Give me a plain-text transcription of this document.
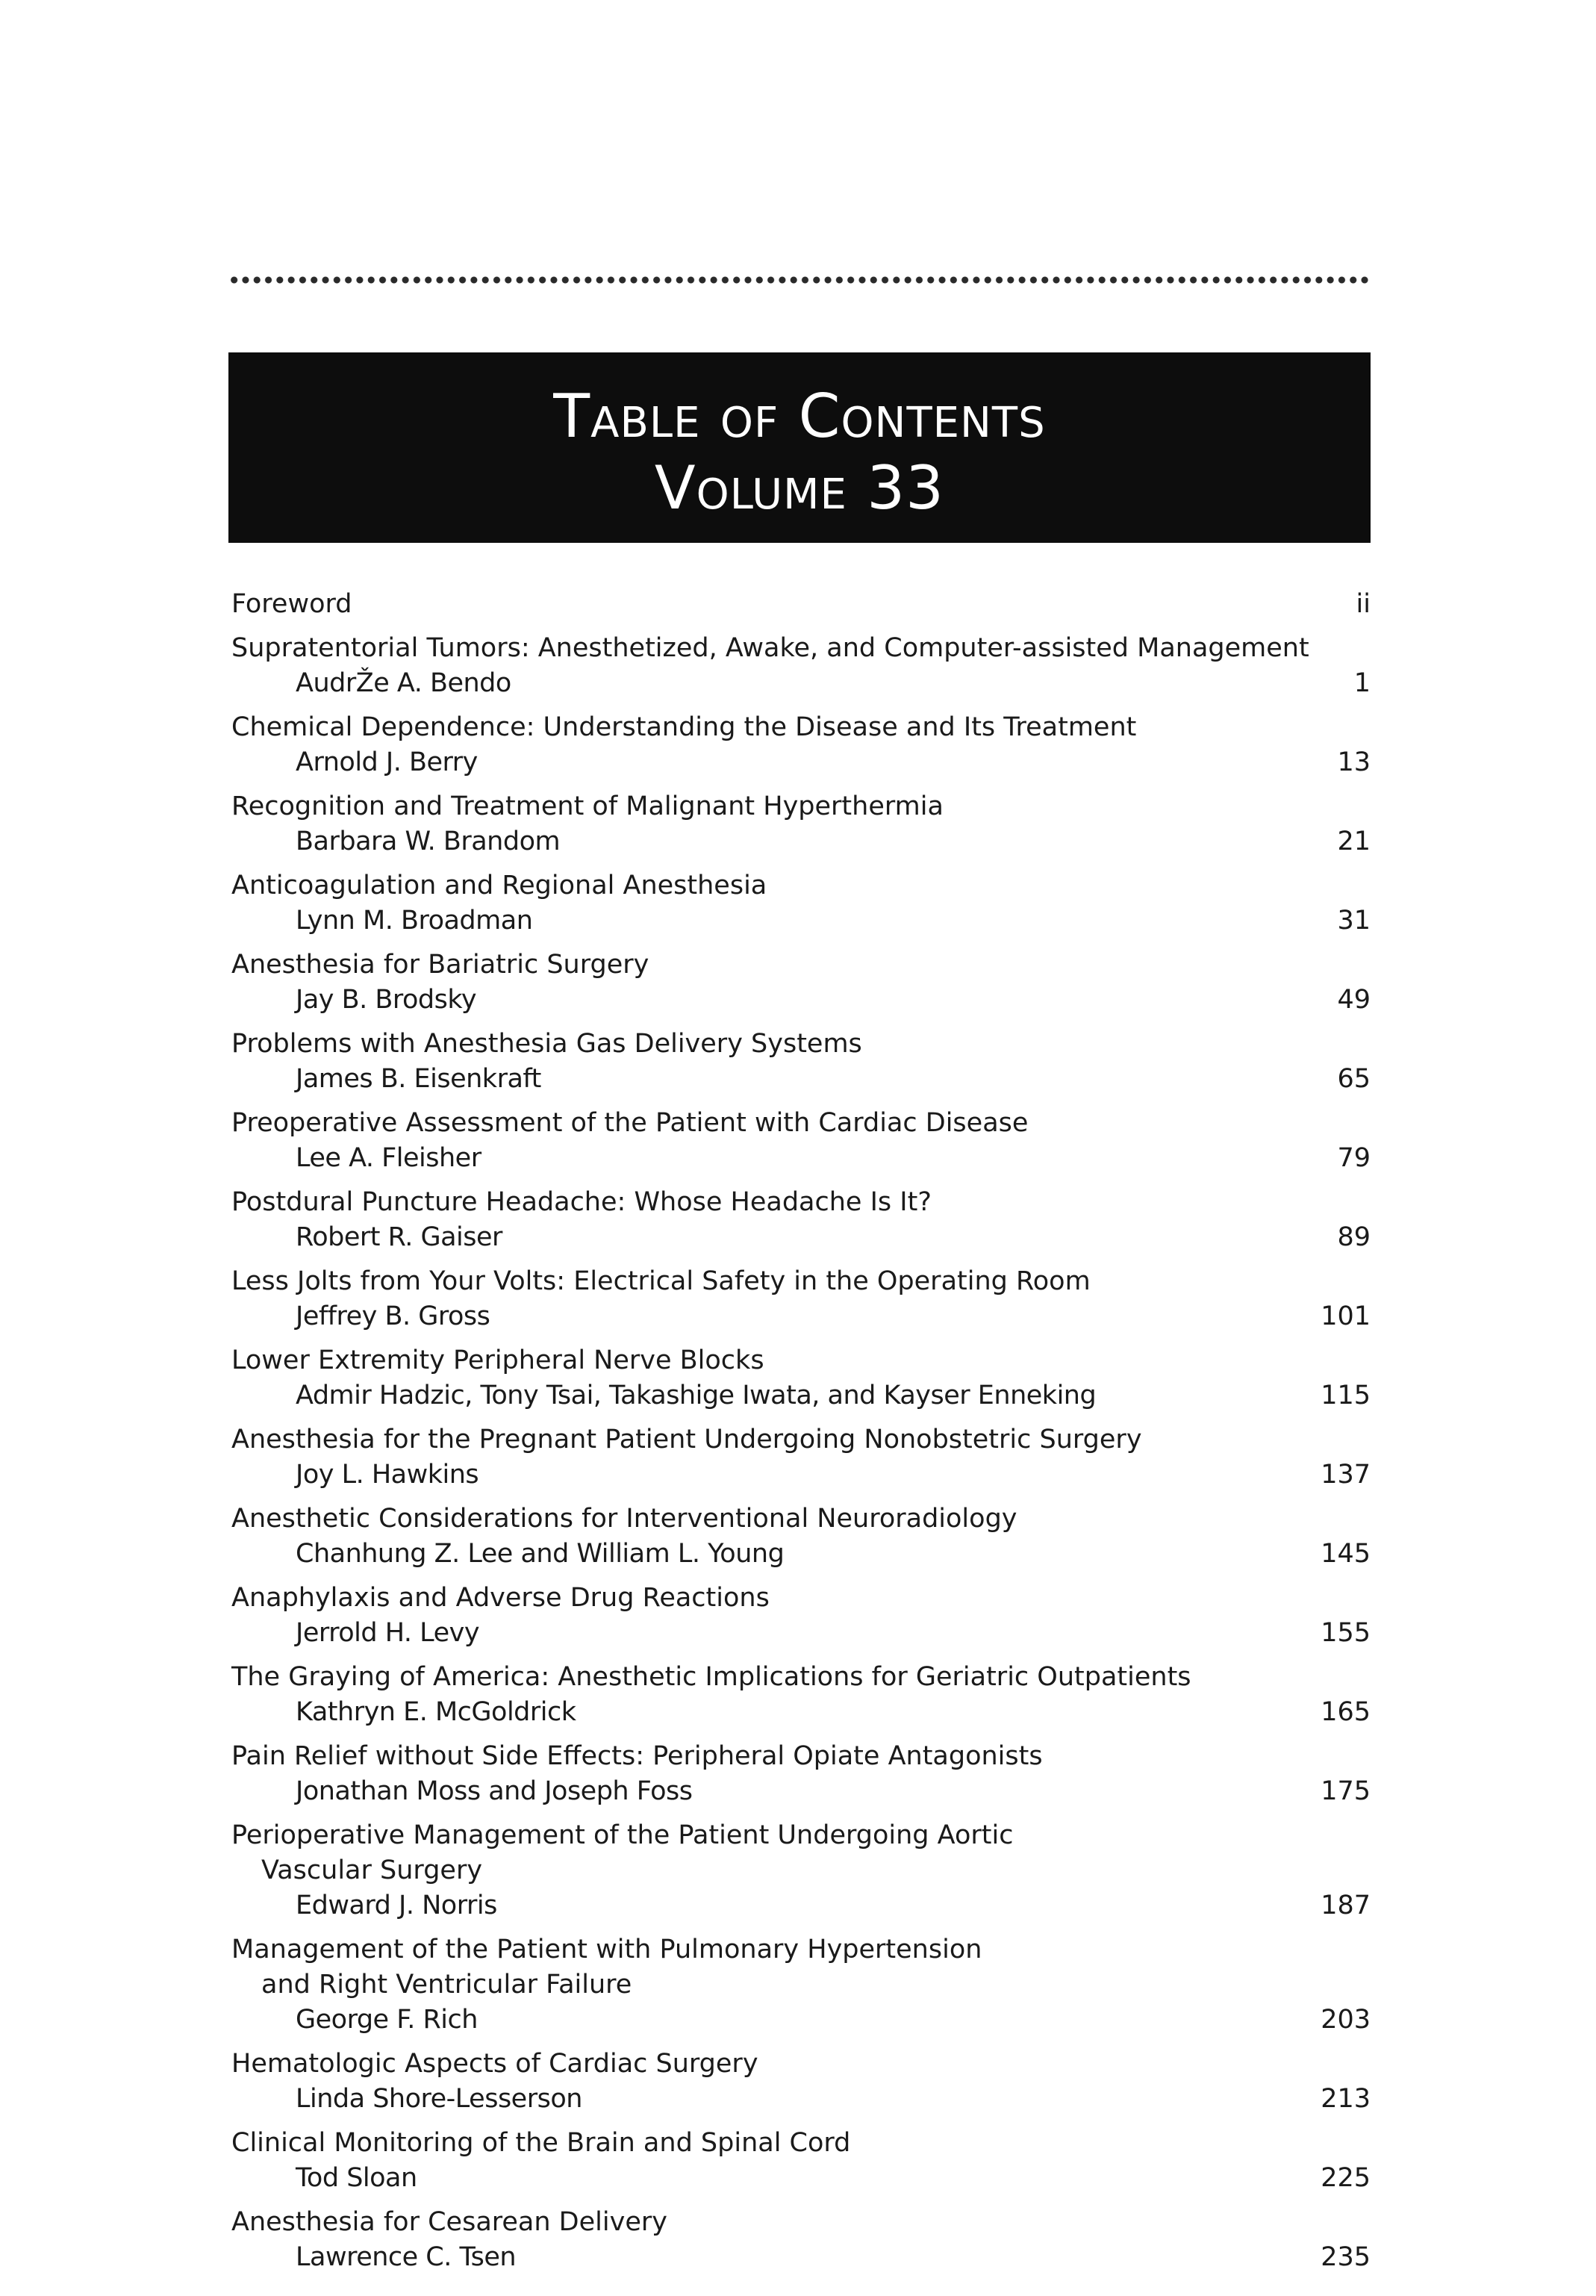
Table of Contents
Volume 33
Foreword	ii
Supratentorial Tumors: Anesthetized, Awake, and Computer-assisted Management
AudrŽe A. Bendo	1
Chemical Dependence: Understanding the Disease and Its Treatment
Arnold J. Berry	13
Recognition and Treatment of Malignant Hyperthermia
Barbara W. Brandom	21
Anticoagulation and Regional Anesthesia
Lynn M. Broadman	31
Anesthesia for Bariatric Surgery
Jay B. Brodsky	49
Problems with Anesthesia Gas Delivery Systems
James B. Eisenkraft	65
Preoperative Assessment of the Patient with Cardiac Disease
Lee A. Fleisher	79
Postdural Puncture Headache: Whose Headache Is It?
Robert R. Gaiser	89
Less Jolts from Your Volts: Electrical Safety in the Operating Room
Jeffrey B. Gross	101
Lower Extremity Peripheral Nerve Blocks
Admir Hadzic, Tony Tsai, Takashige Iwata, and Kayser Enneking	115
Anesthesia for the Pregnant Patient Undergoing Nonobstetric Surgery
Joy L. Hawkins	137
Anesthetic Considerations for Interventional Neuroradiology
Chanhung Z. Lee and William L. Young	145
Anaphylaxis and Adverse Drug Reactions
Jerrold H. Levy	155
The Graying of America: Anesthetic Implications for Geriatric Outpatients
Kathryn E. McGoldrick	165
Pain Relief without Side Effects: Peripheral Opiate Antagonists
Jonathan Moss and Joseph Foss	175
Perioperative Management of the Patient Undergoing Aortic
Vascular Surgery
Edward J. Norris	187
Management of the Patient with Pulmonary Hypertension
and Right Ventricular Failure
George F. Rich	203
Hematologic Aspects of Cardiac Surgery
Linda Shore-Lesserson	213
Clinical Monitoring of the Brain and Spinal Cord
Tod Sloan	225
Anesthesia for Cesarean Delivery
Lawrence C. Tsen	235
